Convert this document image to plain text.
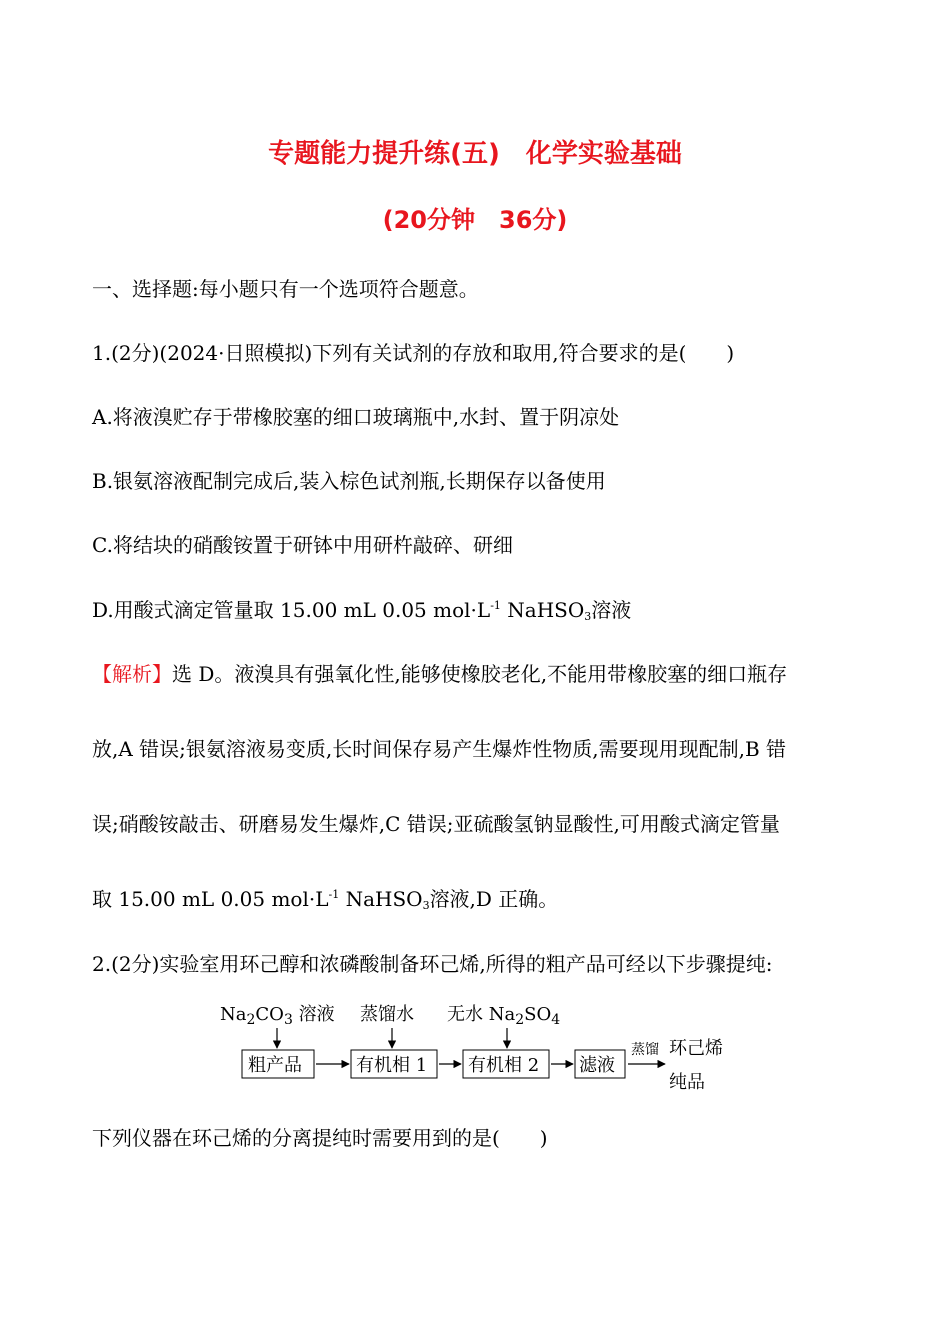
专题能力提升练(五)　化学实验基础
(20分钟　36分)
一、选择题:每小题只有一个选项符合题意。
1.(2分)(2024·日照模拟)下列有关试剂的存放和取用,符合要求的是(　　)
A.将液溴贮存于带橡胶塞的细口玻璃瓶中,水封、置于阴凉处
B.银氨溶液配制完成后,装入棕色试剂瓶,长期保存以备使用
C.将结块的硝酸铵置于研钵中用研杵敲碎、研细
D.用酸式滴定管量取 15.00 mL 0.05 $mol\cdot L^{-1}$ NaHSO$_3$溶液
【解析】选 D。液溴具有强氧化性,能够使橡胶老化,不能用带橡胶塞的细口瓶存
放,A 错误;银氨溶液易变质,长时间保存易产生爆炸性物质,需要现用现配制,B 错
误;硝酸铵敲击、研磨易发生爆炸,C 错误;亚硫酸氢钠显酸性,可用酸式滴定管量
取 15.00 mL 0.05 $mol\cdot L^{-1}$ NaHSO$_3$溶液,D 正确。
2.(2分)实验室用环己醇和浓磷酸制备环己烯,所得的粗产品可经以下步骤提纯:
$Na_2CO_3$ 溶液 蒸馏水 无水 $Na_2SO_4$
粗产品	有机相 1 有机相 2 滤液
蒸馏 环己烯
纯品
下列仪器在环己烯的分离提纯时需要用到的是(　　)
